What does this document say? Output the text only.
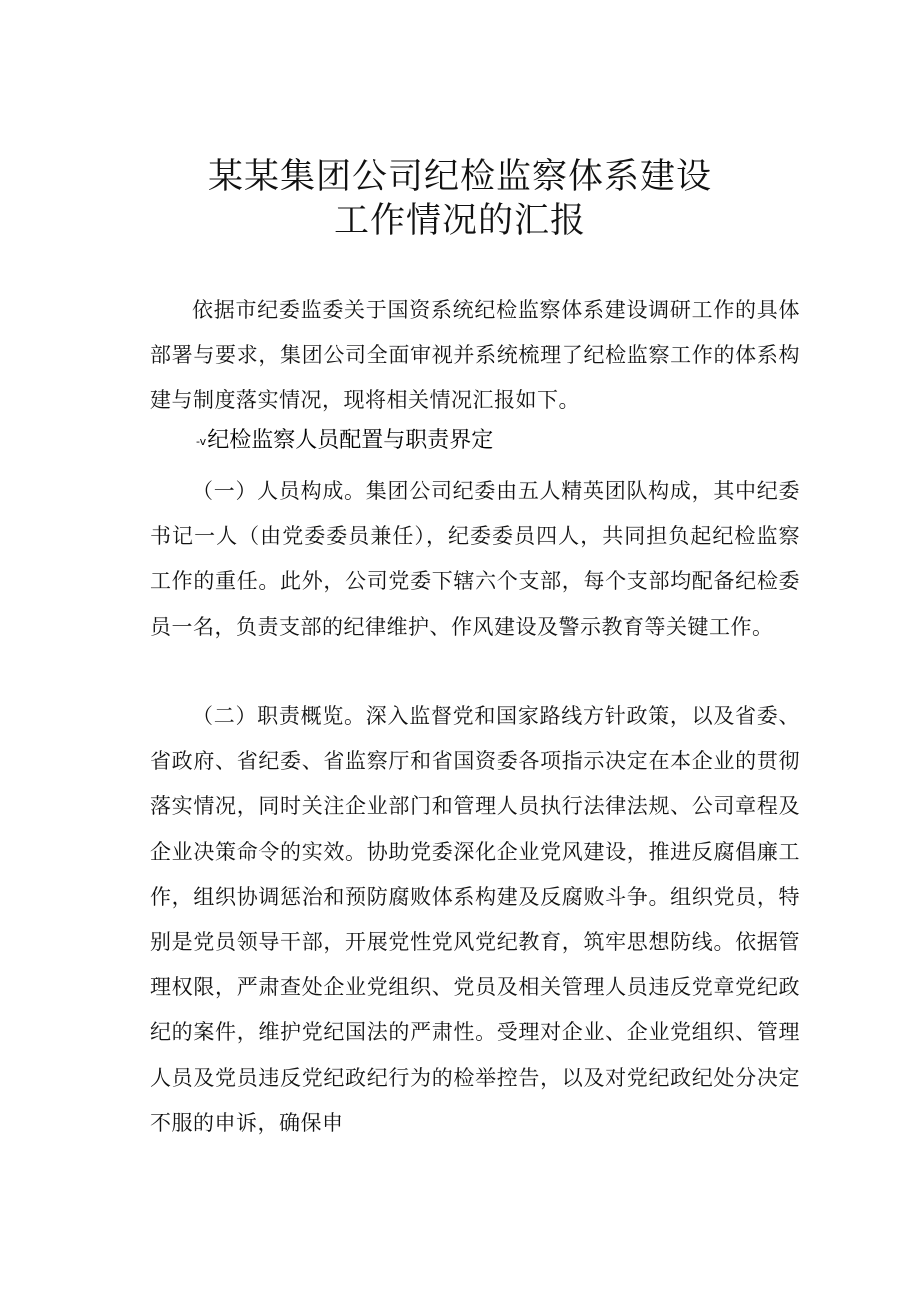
某某集团公司纪检监察体系建设
工作情况的汇报

依据市纪委监委关于国资系统纪检监察体系建设调研工作的具体部署与要求，集团公司全面审视并系统梳理了纪检监察工作的体系构建与制度落实情况，现将相关情况汇报如下。

-v纪检监察人员配置与职责界定

（一）人员构成。集团公司纪委由五人精英团队构成，其中纪委书记一人（由党委委员兼任），纪委委员四人，共同担负起纪检监察工作的重任。此外，公司党委下辖六个支部，每个支部均配备纪检委员一名，负责支部的纪律维护、作风建设及警示教育等关键工作。

（二）职责概览。深入监督党和国家路线方针政策，以及省委、省政府、省纪委、省监察厅和省国资委各项指示决定在本企业的贯彻落实情况，同时关注企业部门和管理人员执行法律法规、公司章程及企业决策命令的实效。协助党委深化企业党风建设，推进反腐倡廉工作，组织协调惩治和预防腐败体系构建及反腐败斗争。组织党员，特别是党员领导干部，开展党性党风党纪教育，筑牢思想防线。依据管理权限，严肃查处企业党组织、党员及相关管理人员违反党章党纪政纪的案件，维护党纪国法的严肃性。受理对企业、企业党组织、管理人员及党员违反党纪政纪行为的检举控告，以及对党纪政纪处分决定不服的申诉，确保申
